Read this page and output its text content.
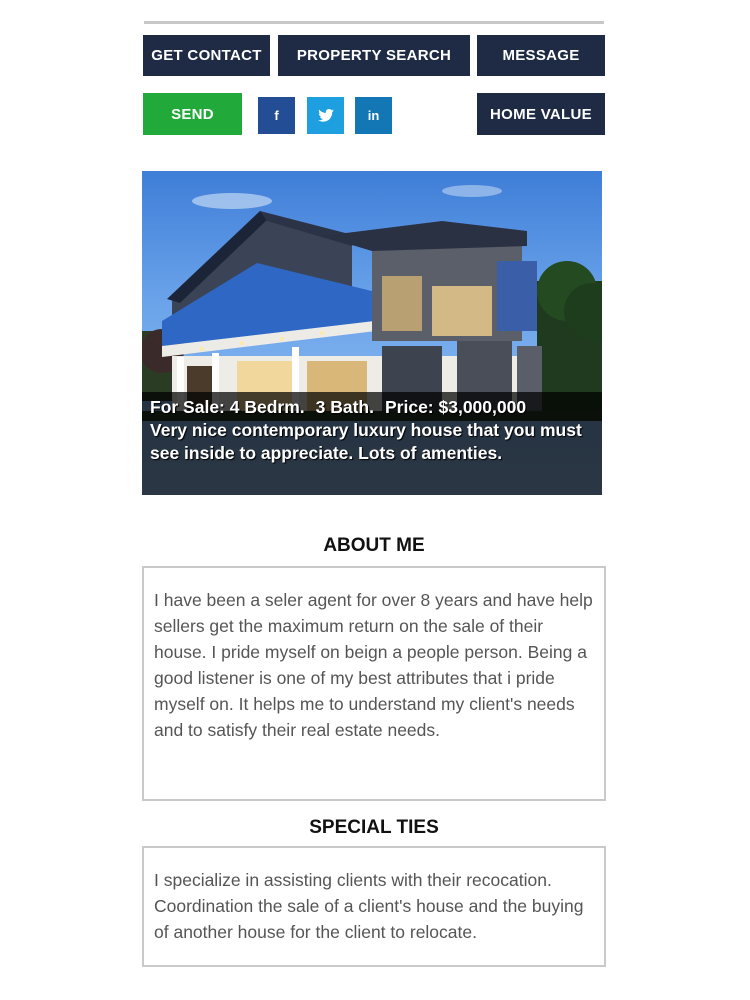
GET CONTACT	PROPERTY SEARCH	MESSAGE
SEND	f	in	HOME VALUE
For Sale: 4 Bedrm. 3 Bath. Price: $3,000,000
Very nice contemporary luxury house that you must see inside to appreciate. Lots of amenties.
ABOUT ME
I have been a seler agent for over 8 years and have help sellers get the maximum return on the sale of their house. I pride myself on beign a people person. Being a good listener is one of my best attributes that i pride myself on. It helps me to understand my client's needs and to satisfy their real estate needs.
SPECIAL TIES
I specialize in assisting clients with their recocation. Coordination the sale of a client's house and the buying of another house for the client to relocate.
